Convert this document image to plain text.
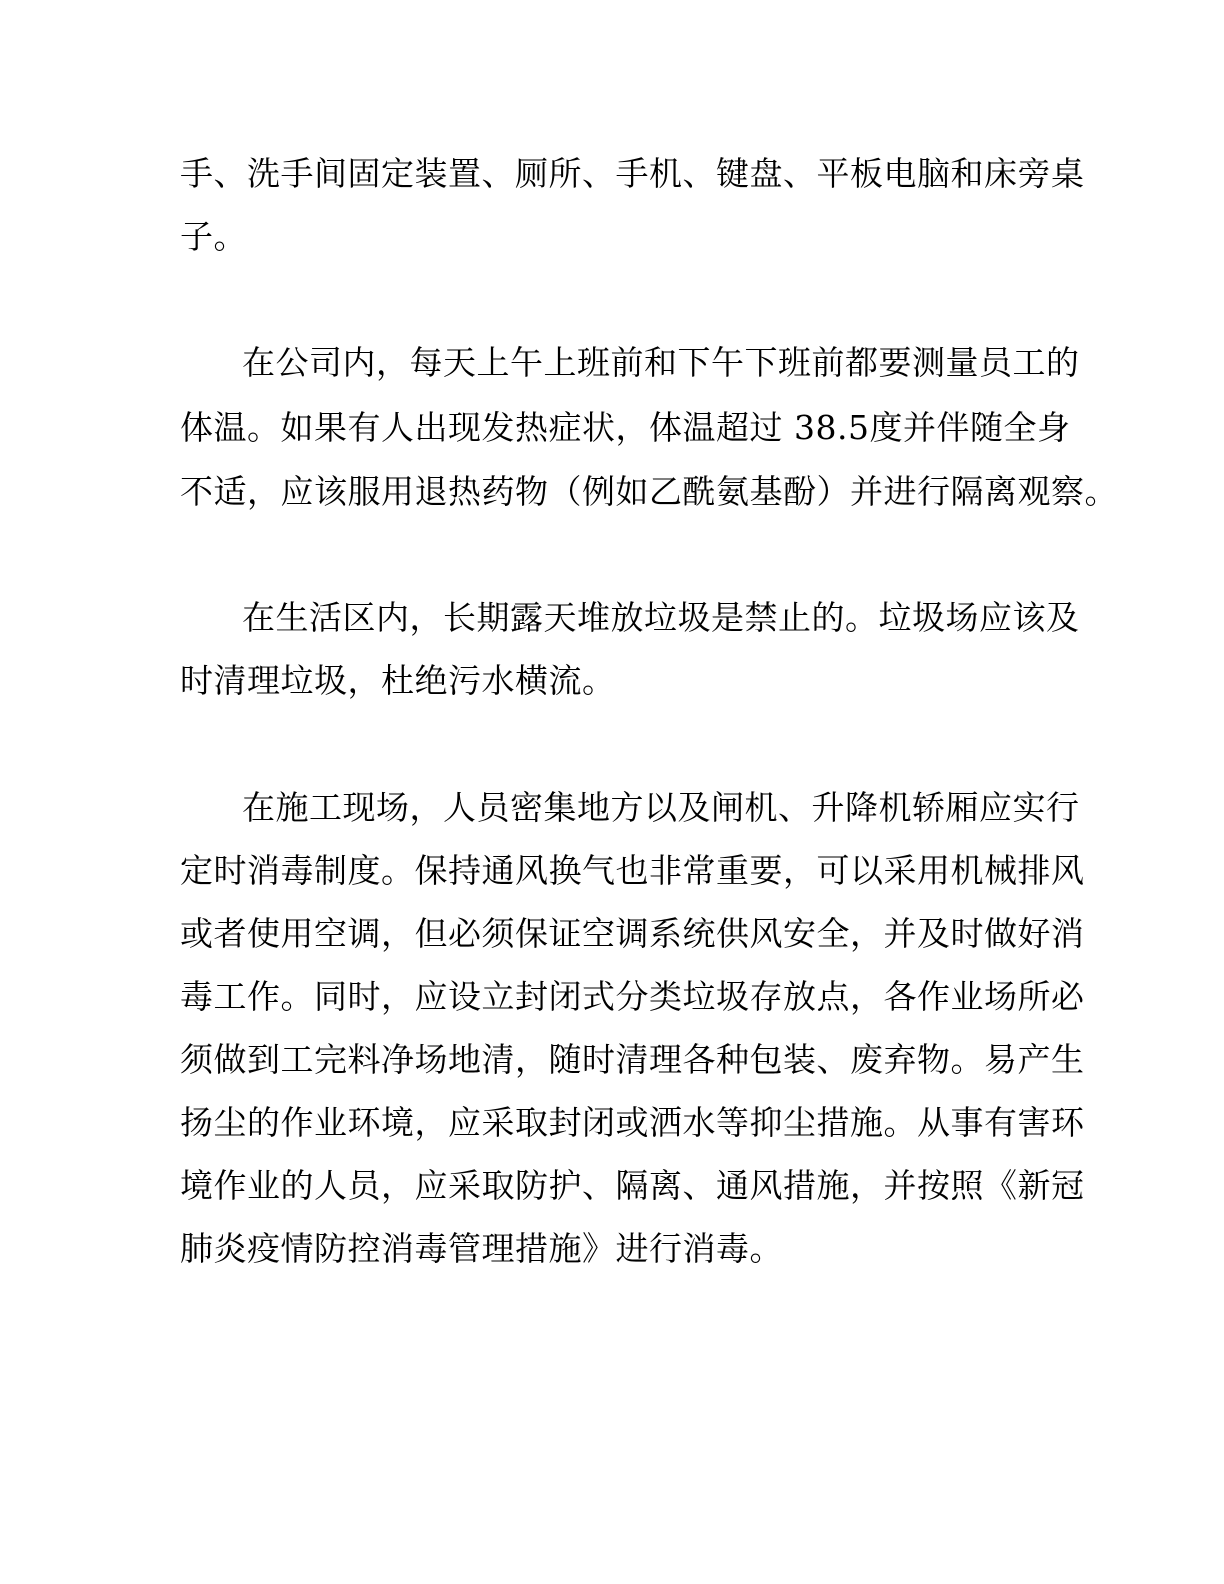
手、洗手间固定装置、厕所、手机、键盘、平板电脑和床旁桌
子。
在公司内，每天上午上班前和下午下班前都要测量员工的
体温。如果有人出现发热症状，体温超过 38.5度并伴随全身
不适，应该服用退热药物（例如乙酰氨基酚）并进行隔离观察。
在生活区内，长期露天堆放垃圾是禁止的。垃圾场应该及
时清理垃圾，杜绝污水横流。
在施工现场，人员密集地方以及闸机、升降机轿厢应实行
定时消毒制度。保持通风换气也非常重要，可以采用机械排风
或者使用空调，但必须保证空调系统供风安全，并及时做好消
毒工作。同时，应设立封闭式分类垃圾存放点，各作业场所必
须做到工完料净场地清，随时清理各种包装、废弃物。易产生
扬尘的作业环境，应采取封闭或洒水等抑尘措施。从事有害环
境作业的人员，应采取防护、隔离、通风措施，并按照《新冠
肺炎疫情防控消毒管理措施》进行消毒。
